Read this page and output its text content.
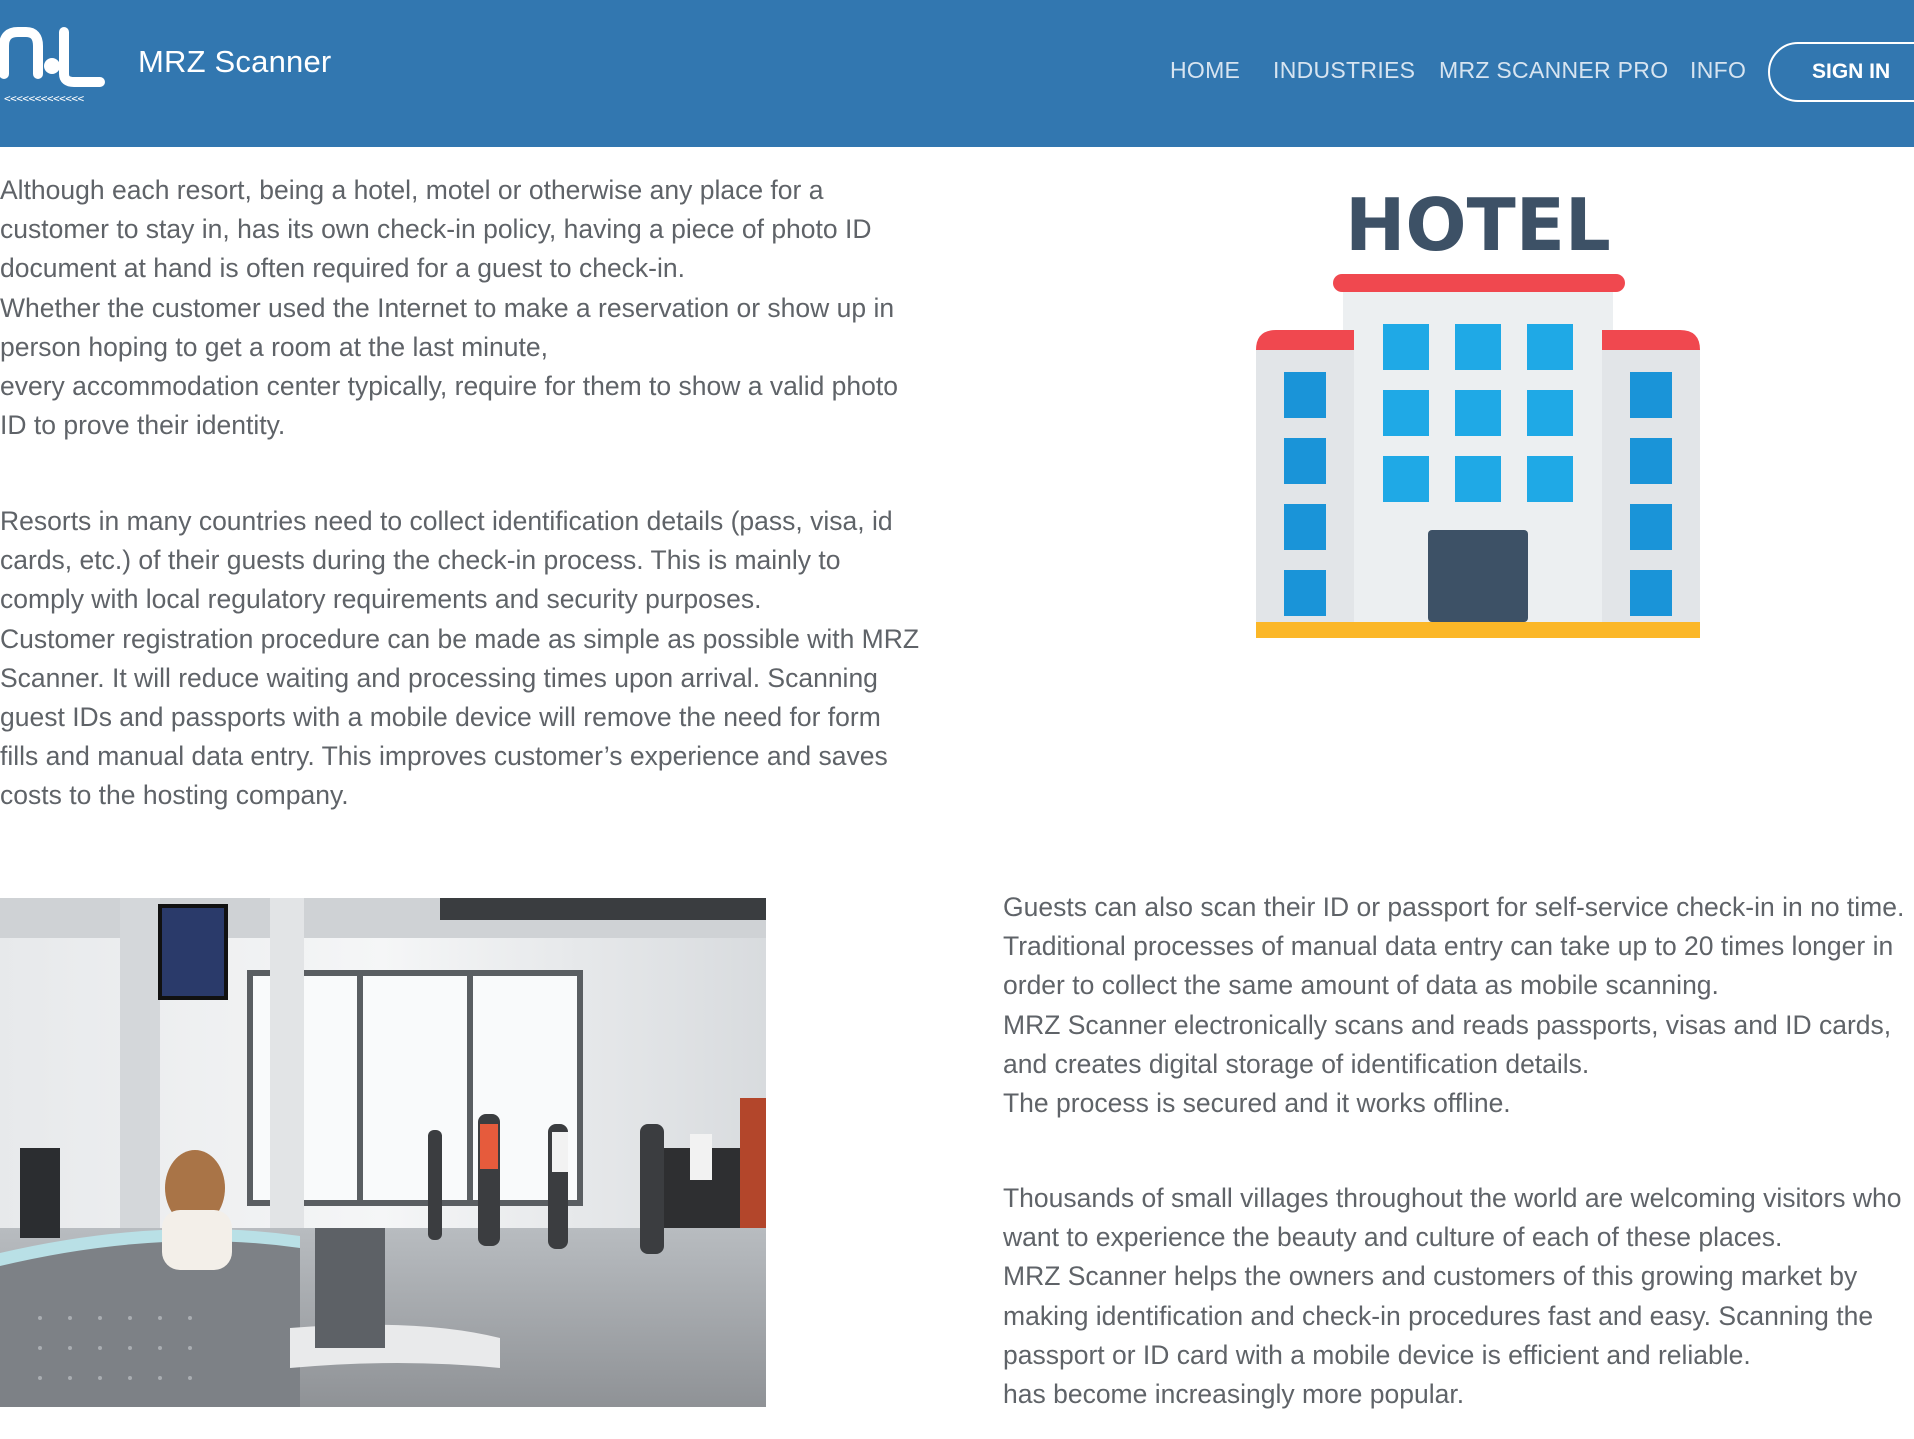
<<<<<<<<<<<<<
MRZ Scanner	HOME INDUSTRIES MRZ SCANNER PRO INFO	SIGN IN

Although each resort, being a hotel, motel or otherwise any place for a
customer to stay in, has its own check-in policy, having a piece of photo ID
document at hand is often required for a guest to check-in.
Whether the customer used the Internet to make a reservation or show up in
person hoping to get a room at the last minute,
every accommodation center typically, require for them to show a valid photo
ID to prove their identity.

Resorts in many countries need to collect identification details (pass, visa, id
cards, etc.) of their guests during the check-in process. This is mainly to
comply with local regulatory requirements and security purposes.
Customer registration procedure can be made as simple as possible with MRZ
Scanner. It will reduce waiting and processing times upon arrival. Scanning
guest IDs and passports with a mobile device will remove the need for form
fills and manual data entry. This improves customer’s experience and saves
costs to the hosting company.

HOTEL

Guests can also scan their ID or passport for self-service check-in in no time.
Traditional processes of manual data entry can take up to 20 times longer in
order to collect the same amount of data as mobile scanning.
MRZ Scanner electronically scans and reads passports, visas and ID cards,
and creates digital storage of identification details.
The process is secured and it works offline.

Thousands of small villages throughout the world are welcoming visitors who
want to experience the beauty and culture of each of these places.
MRZ Scanner helps the owners and customers of this growing market by
making identification and check-in procedures fast and easy. Scanning the
passport or ID card with a mobile device is efficient and reliable.
has become increasingly more popular.
